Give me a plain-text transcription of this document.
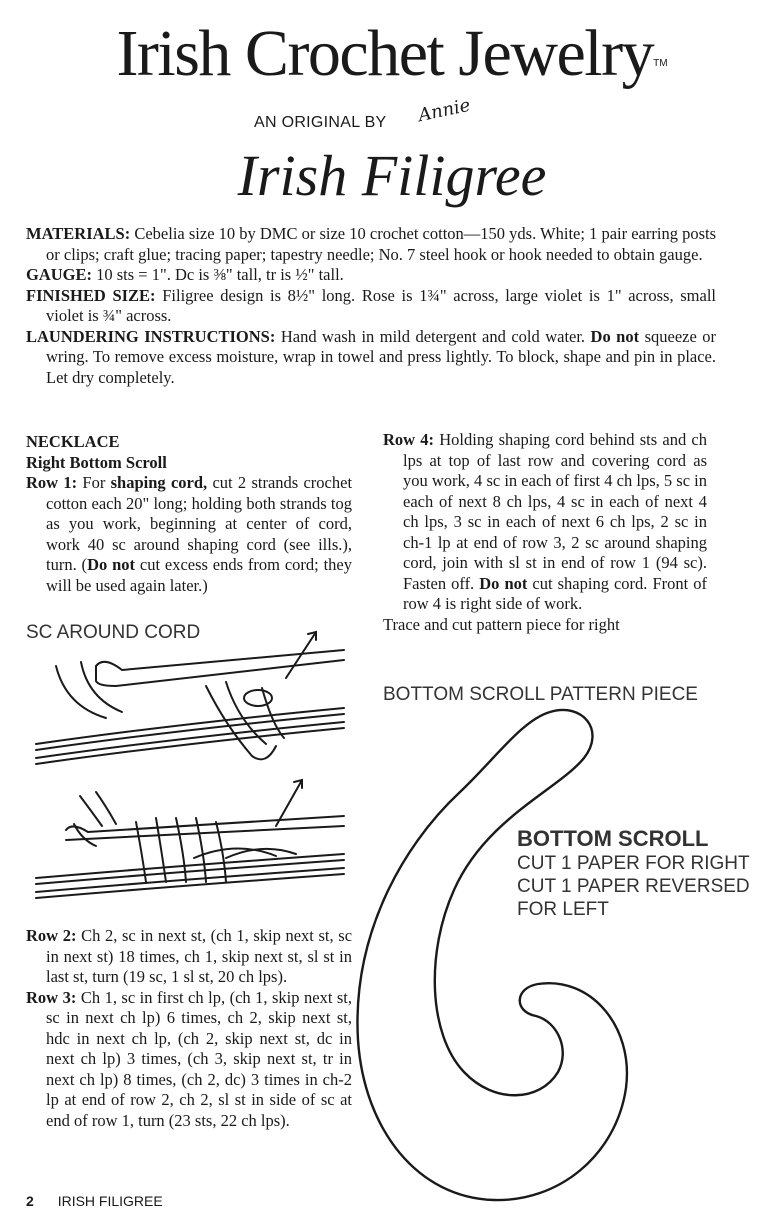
Irish Crochet Jewelry™
AN ORIGINAL BY Annie
Irish Filigree

MATERIALS: Cebelia size 10 by DMC or size 10 crochet cotton—150 yds. White; 1 pair earring posts or clips; craft glue; tracing paper; tapestry needle; No. 7 steel hook or hook needed to obtain gauge.

GAUGE: 10 sts = 1". Dc is ⅜" tall, tr is ½" tall.

FINISHED SIZE: Filigree design is 8½" long. Rose is 1¾" across, large violet is 1" across, small violet is ¾" across.

LAUNDERING INSTRUCTIONS: Hand wash in mild detergent and cold water. Do not squeeze or wring. To remove excess moisture, wrap in towel and press lightly. To block, shape and pin in place. Let dry completely.

NECKLACE
Right Bottom Scroll

Row 1: For shaping cord, cut 2 strands crochet cotton each 20" long; holding both strands tog as you work, beginning at center of cord, work 40 sc around shaping cord (see ills.), turn. (Do not cut excess ends from cord; they will be used again later.)

SC AROUND CORD

Row 2: Ch 2, sc in next st, (ch 1, skip next st, sc in next st) 18 times, ch 1, skip next st, sl st in last st, turn (19 sc, 1 sl st, 20 ch lps).

Row 3: Ch 1, sc in first ch lp, (ch 1, skip next st, sc in next ch lp) 6 times, ch 2, skip next st, hdc in next ch lp, (ch 2, skip next st, dc in next ch lp) 3 times, (ch 3, skip next st, tr in next ch lp) 8 times, (ch 2, dc) 3 times in ch-2 lp at end of row 2, ch 2, sl st in side of sc at end of row 1, turn (23 sts, 22 ch lps).

Row 4: Holding shaping cord behind sts and ch lps at top of last row and covering cord as you work, 4 sc in each of first 4 ch lps, 5 sc in each of next 8 ch lps, 4 sc in each of next 4 ch lps, 3 sc in each of next 6 ch lps, 2 sc in ch-1 lp at end of row 3, 2 sc around shaping cord, join with sl st in end of row 1 (94 sc). Fasten off. Do not cut shaping cord. Front of row 4 is right side of work.

Trace and cut pattern piece for right

BOTTOM SCROLL PATTERN PIECE
BOTTOM SCROLL
CUT 1 PAPER FOR RIGHT
CUT 1 PAPER REVERSED
FOR LEFT
2 IRISH FILIGREE
